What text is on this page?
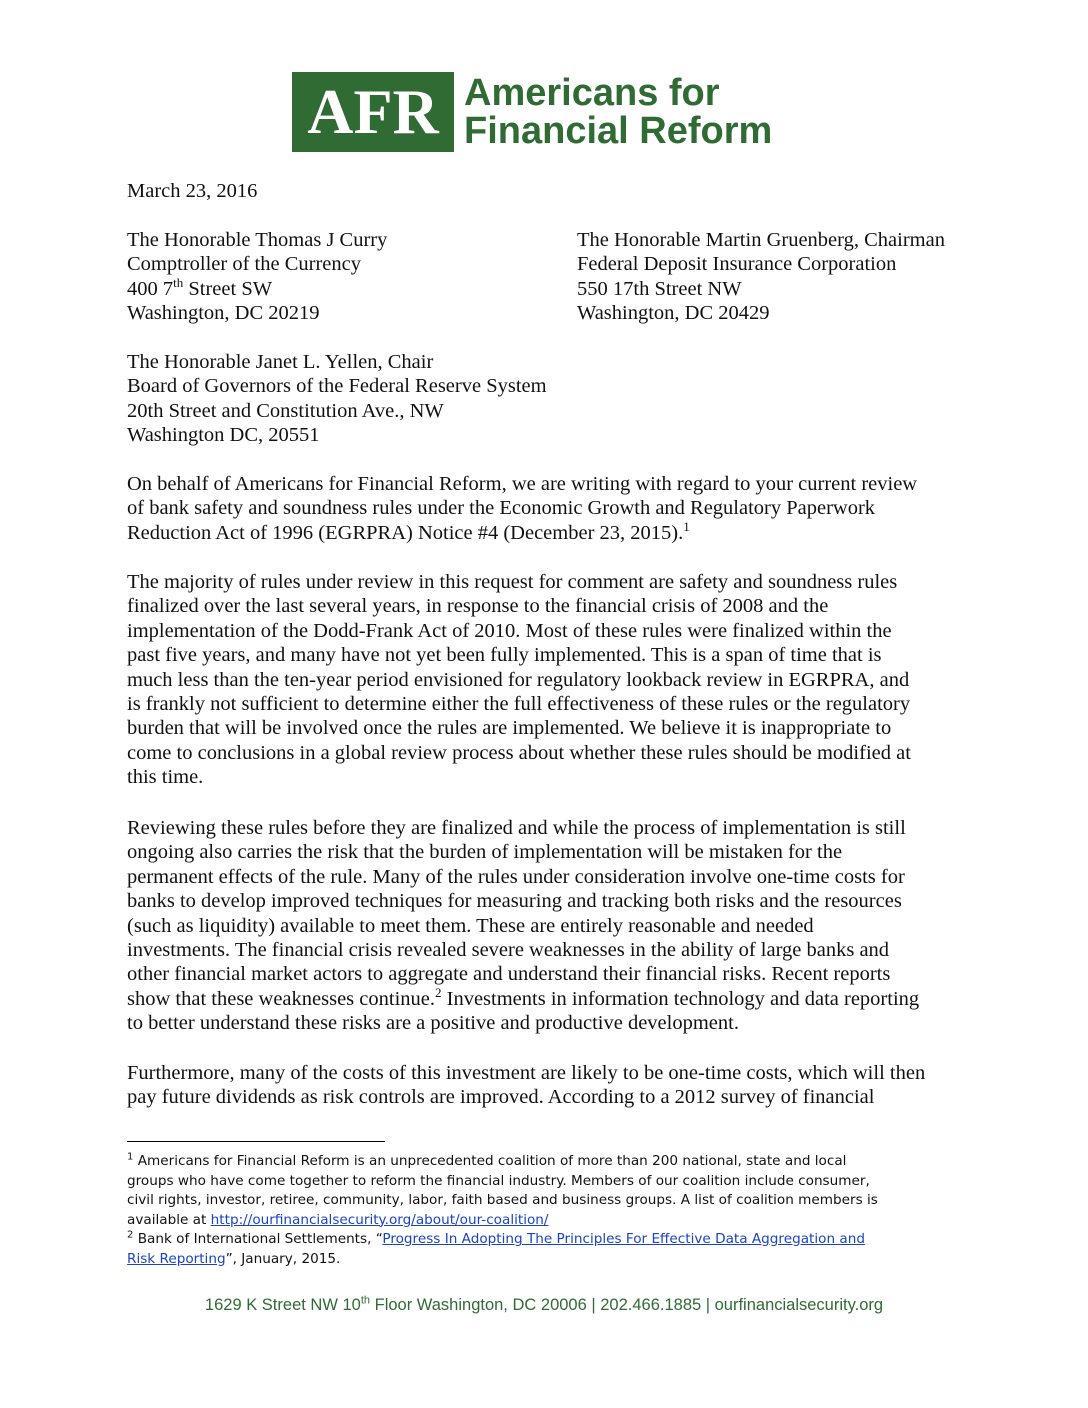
AFR Americans for
Financial Reform
March 23, 2016
The Honorable Thomas J Curry
Comptroller of the Currency
400 7th Street SW
Washington, DC 20219
The Honorable Martin Gruenberg, Chairman
Federal Deposit Insurance Corporation
550 17th Street NW
Washington, DC 20429
The Honorable Janet L. Yellen, Chair
Board of Governors of the Federal Reserve System
20th Street and Constitution Ave., NW
Washington DC, 20551
On behalf of Americans for Financial Reform, we are writing with regard to your current review
of bank safety and soundness rules under the Economic Growth and Regulatory Paperwork
Reduction Act of 1996 (EGRPRA) Notice #4 (December 23, 2015).$^1$
The majority of rules under review in this request for comment are safety and soundness rules
finalized over the last several years, in response to the financial crisis of 2008 and the
implementation of the Dodd-Frank Act of 2010. Most of these rules were finalized within the
past five years, and many have not yet been fully implemented. This is a span of time that is
much less than the ten-year period envisioned for regulatory lookback review in EGRPRA, and
is frankly not sufficient to determine either the full effectiveness of these rules or the regulatory
burden that will be involved once the rules are implemented. We believe it is inappropriate to
come to conclusions in a global review process about whether these rules should be modified at
this time.
Reviewing these rules before they are finalized and while the process of implementation is still
ongoing also carries the risk that the burden of implementation will be mistaken for the
permanent effects of the rule. Many of the rules under consideration involve one-time costs for
banks to develop improved techniques for measuring and tracking both risks and the resources
(such as liquidity) available to meet them. These are entirely reasonable and needed
investments. The financial crisis revealed severe weaknesses in the ability of large banks and
other financial market actors to aggregate and understand their financial risks. Recent reports
show that these weaknesses continue.$^2$ Investments in information technology and data reporting
to better understand these risks are a positive and productive development.
Furthermore, many of the costs of this investment are likely to be one-time costs, which will then
pay future dividends as risk controls are improved. According to a 2012 survey of financial
$^1$ Americans for Financial Reform is an unprecedented coalition of more than 200 national, state and local
groups who have come together to reform the financial industry. Members of our coalition include consumer,
civil rights, investor, retiree, community, labor, faith based and business groups. A list of coalition members is
available at http://ourfinancialsecurity.org/about/our-coalition/
$^2$ Bank of International Settlements, “Progress In Adopting The Principles For Effective Data Aggregation and
Risk Reporting”, January, 2015.
1629 K Street NW 10th Floor Washington, DC 20006 | 202.466.1885 | ourfinancialsecurity.org
